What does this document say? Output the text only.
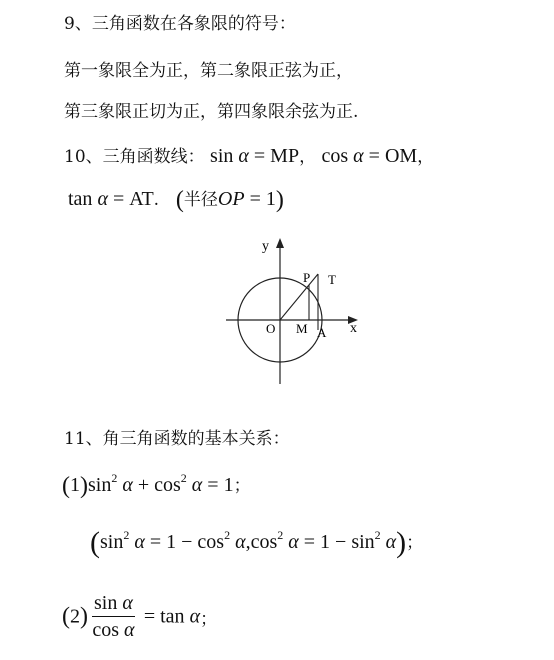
9、三角函数在各象限的符号：
第一象限全为正，第二象限正弦为正，
第三象限正切为正，第四象限余弦为正.
10、三角函数线： sin α = MP， cos α = OM，
tan α = AT. (半径OP = 1)
y
x
O M A
P T
11、角三角函数的基本关系：
$(1)\sin^2$ $\alpha + \cos^2 \alpha = 1$；
($\sin^2$ $\alpha = 1 - \cos^2 \alpha,\cos^2$ $\alpha = 1 - \sin^2 \alpha$)；
$(2) \frac{\text{sin α}}{\text{cos α}} = \tan \alpha$；
